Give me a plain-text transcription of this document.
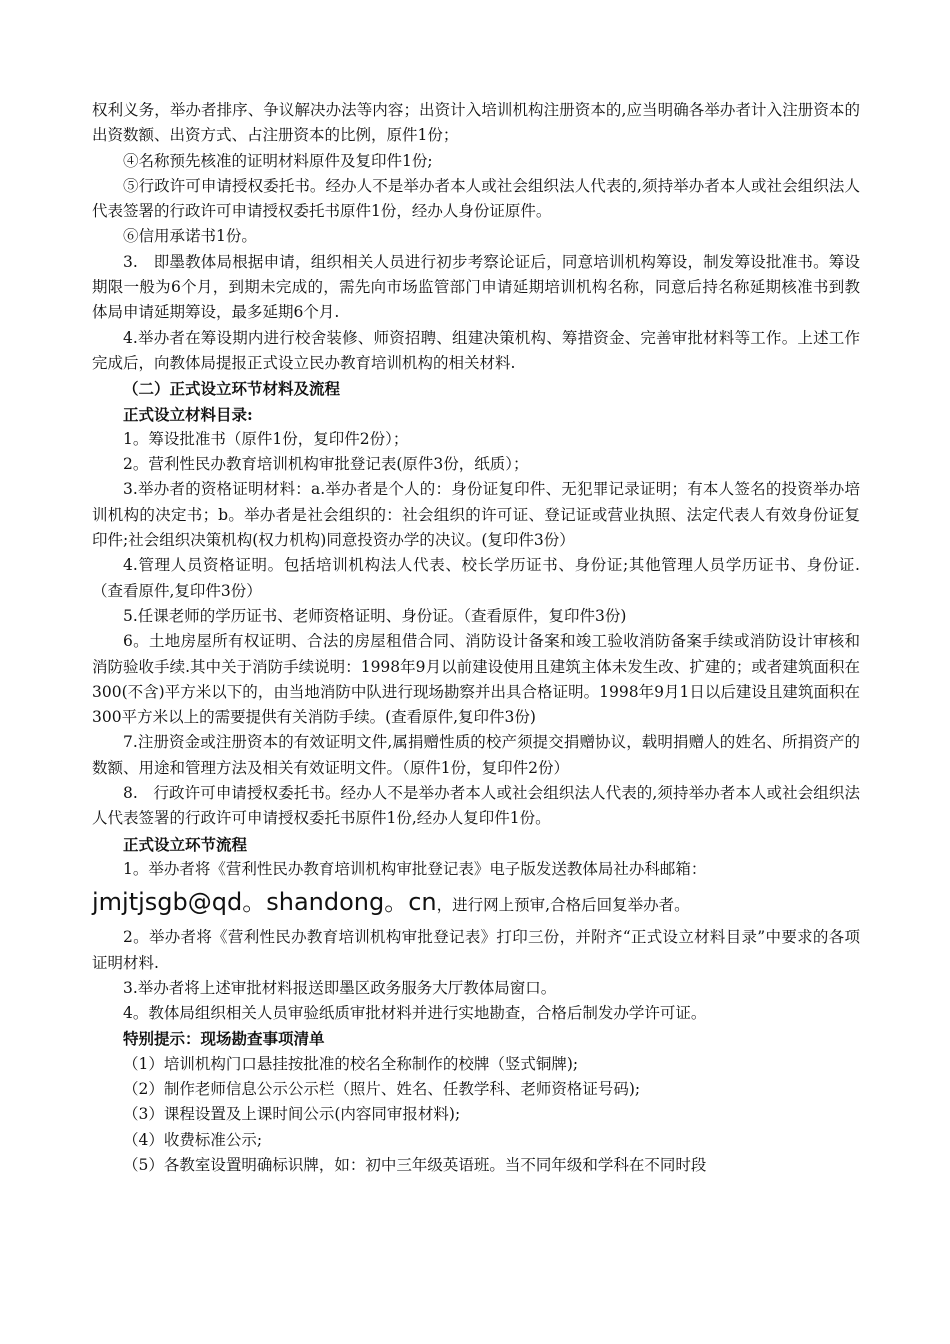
权利义务，举办者排序、争议解决办法等内容；出资计入培训机构注册资本的,应当明确各举办者计入注册资本的出资数额、出资方式、占注册资本的比例，原件1份；

④名称预先核准的证明材料原件及复印件1份;

⑤行政许可申请授权委托书。经办人不是举办者本人或社会组织法人代表的,须持举办者本人或社会组织法人代表签署的行政许可申请授权委托书原件1份，经办人身份证原件。

⑥信用承诺书1份。

3.　即墨教体局根据申请，组织相关人员进行初步考察论证后，同意培训机构筹设，制发筹设批准书。筹设期限一般为6个月，到期未完成的，需先向市场监管部门申请延期培训机构名称，同意后持名称延期核准书到教体局申请延期筹设，最多延期6个月.

4.举办者在筹设期内进行校舍装修、师资招聘、组建决策机构、筹措资金、完善审批材料等工作。上述工作完成后，向教体局提报正式设立民办教育培训机构的相关材料.

（二）正式设立环节材料及流程

正式设立材料目录:

1。筹设批准书（原件1份，复印件2份）；

2。营利性民办教育培训机构审批登记表(原件3份，纸质）；

3.举办者的资格证明材料：a.举办者是个人的：身份证复印件、无犯罪记录证明；有本人签名的投资举办培训机构的决定书；b。举办者是社会组织的：社会组织的许可证、登记证或营业执照、法定代表人有效身份证复印件;社会组织决策机构(权力机构)同意投资办学的决议。(复印件3份）

4.管理人员资格证明。包括培训机构法人代表、校长学历证书、身份证;其他管理人员学历证书、身份证.（查看原件,复印件3份）

5.任课老师的学历证书、老师资格证明、身份证。（查看原件，复印件3份)

6。土地房屋所有权证明、合法的房屋租借合同、消防设计备案和竣工验收消防备案手续或消防设计审核和消防验收手续.其中关于消防手续说明：1998年9月以前建设使用且建筑主体未发生改、扩建的；或者建筑面积在300(不含)平方米以下的，由当地消防中队进行现场勘察并出具合格证明。1998年9月1日以后建设且建筑面积在300平方米以上的需要提供有关消防手续。(查看原件,复印件3份)

7.注册资金或注册资本的有效证明文件,属捐赠性质的校产须提交捐赠协议，载明捐赠人的姓名、所捐资产的数额、用途和管理方法及相关有效证明文件。（原件1份，复印件2份）

8.　行政许可申请授权委托书。经办人不是举办者本人或社会组织法人代表的,须持举办者本人或社会组织法人代表签署的行政许可申请授权委托书原件1份,经办人复印件1份。

正式设立环节流程

1。举办者将《营利性民办教育培训机构审批登记表》电子版发送教体局社办科邮箱：

jmjtjsgb@qd。shandong。cn，进行网上预审,合格后回复举办者。

2。举办者将《营利性民办教育培训机构审批登记表》打印三份，并附齐“正式设立材料目录”中要求的各项证明材料.

3.举办者将上述审批材料报送即墨区政务服务大厅教体局窗口。

4。教体局组织相关人员审验纸质审批材料并进行实地勘查，合格后制发办学许可证。

特别提示：现场勘查事项清单

（1）培训机构门口悬挂按批准的校名全称制作的校牌（竖式铜牌);

（2）制作老师信息公示公示栏（照片、姓名、任教学科、老师资格证号码);

（3）课程设置及上课时间公示(内容同审报材料);

（4）收费标准公示;

（5）各教室设置明确标识牌，如：初中三年级英语班。当不同年级和学科在不同时段
